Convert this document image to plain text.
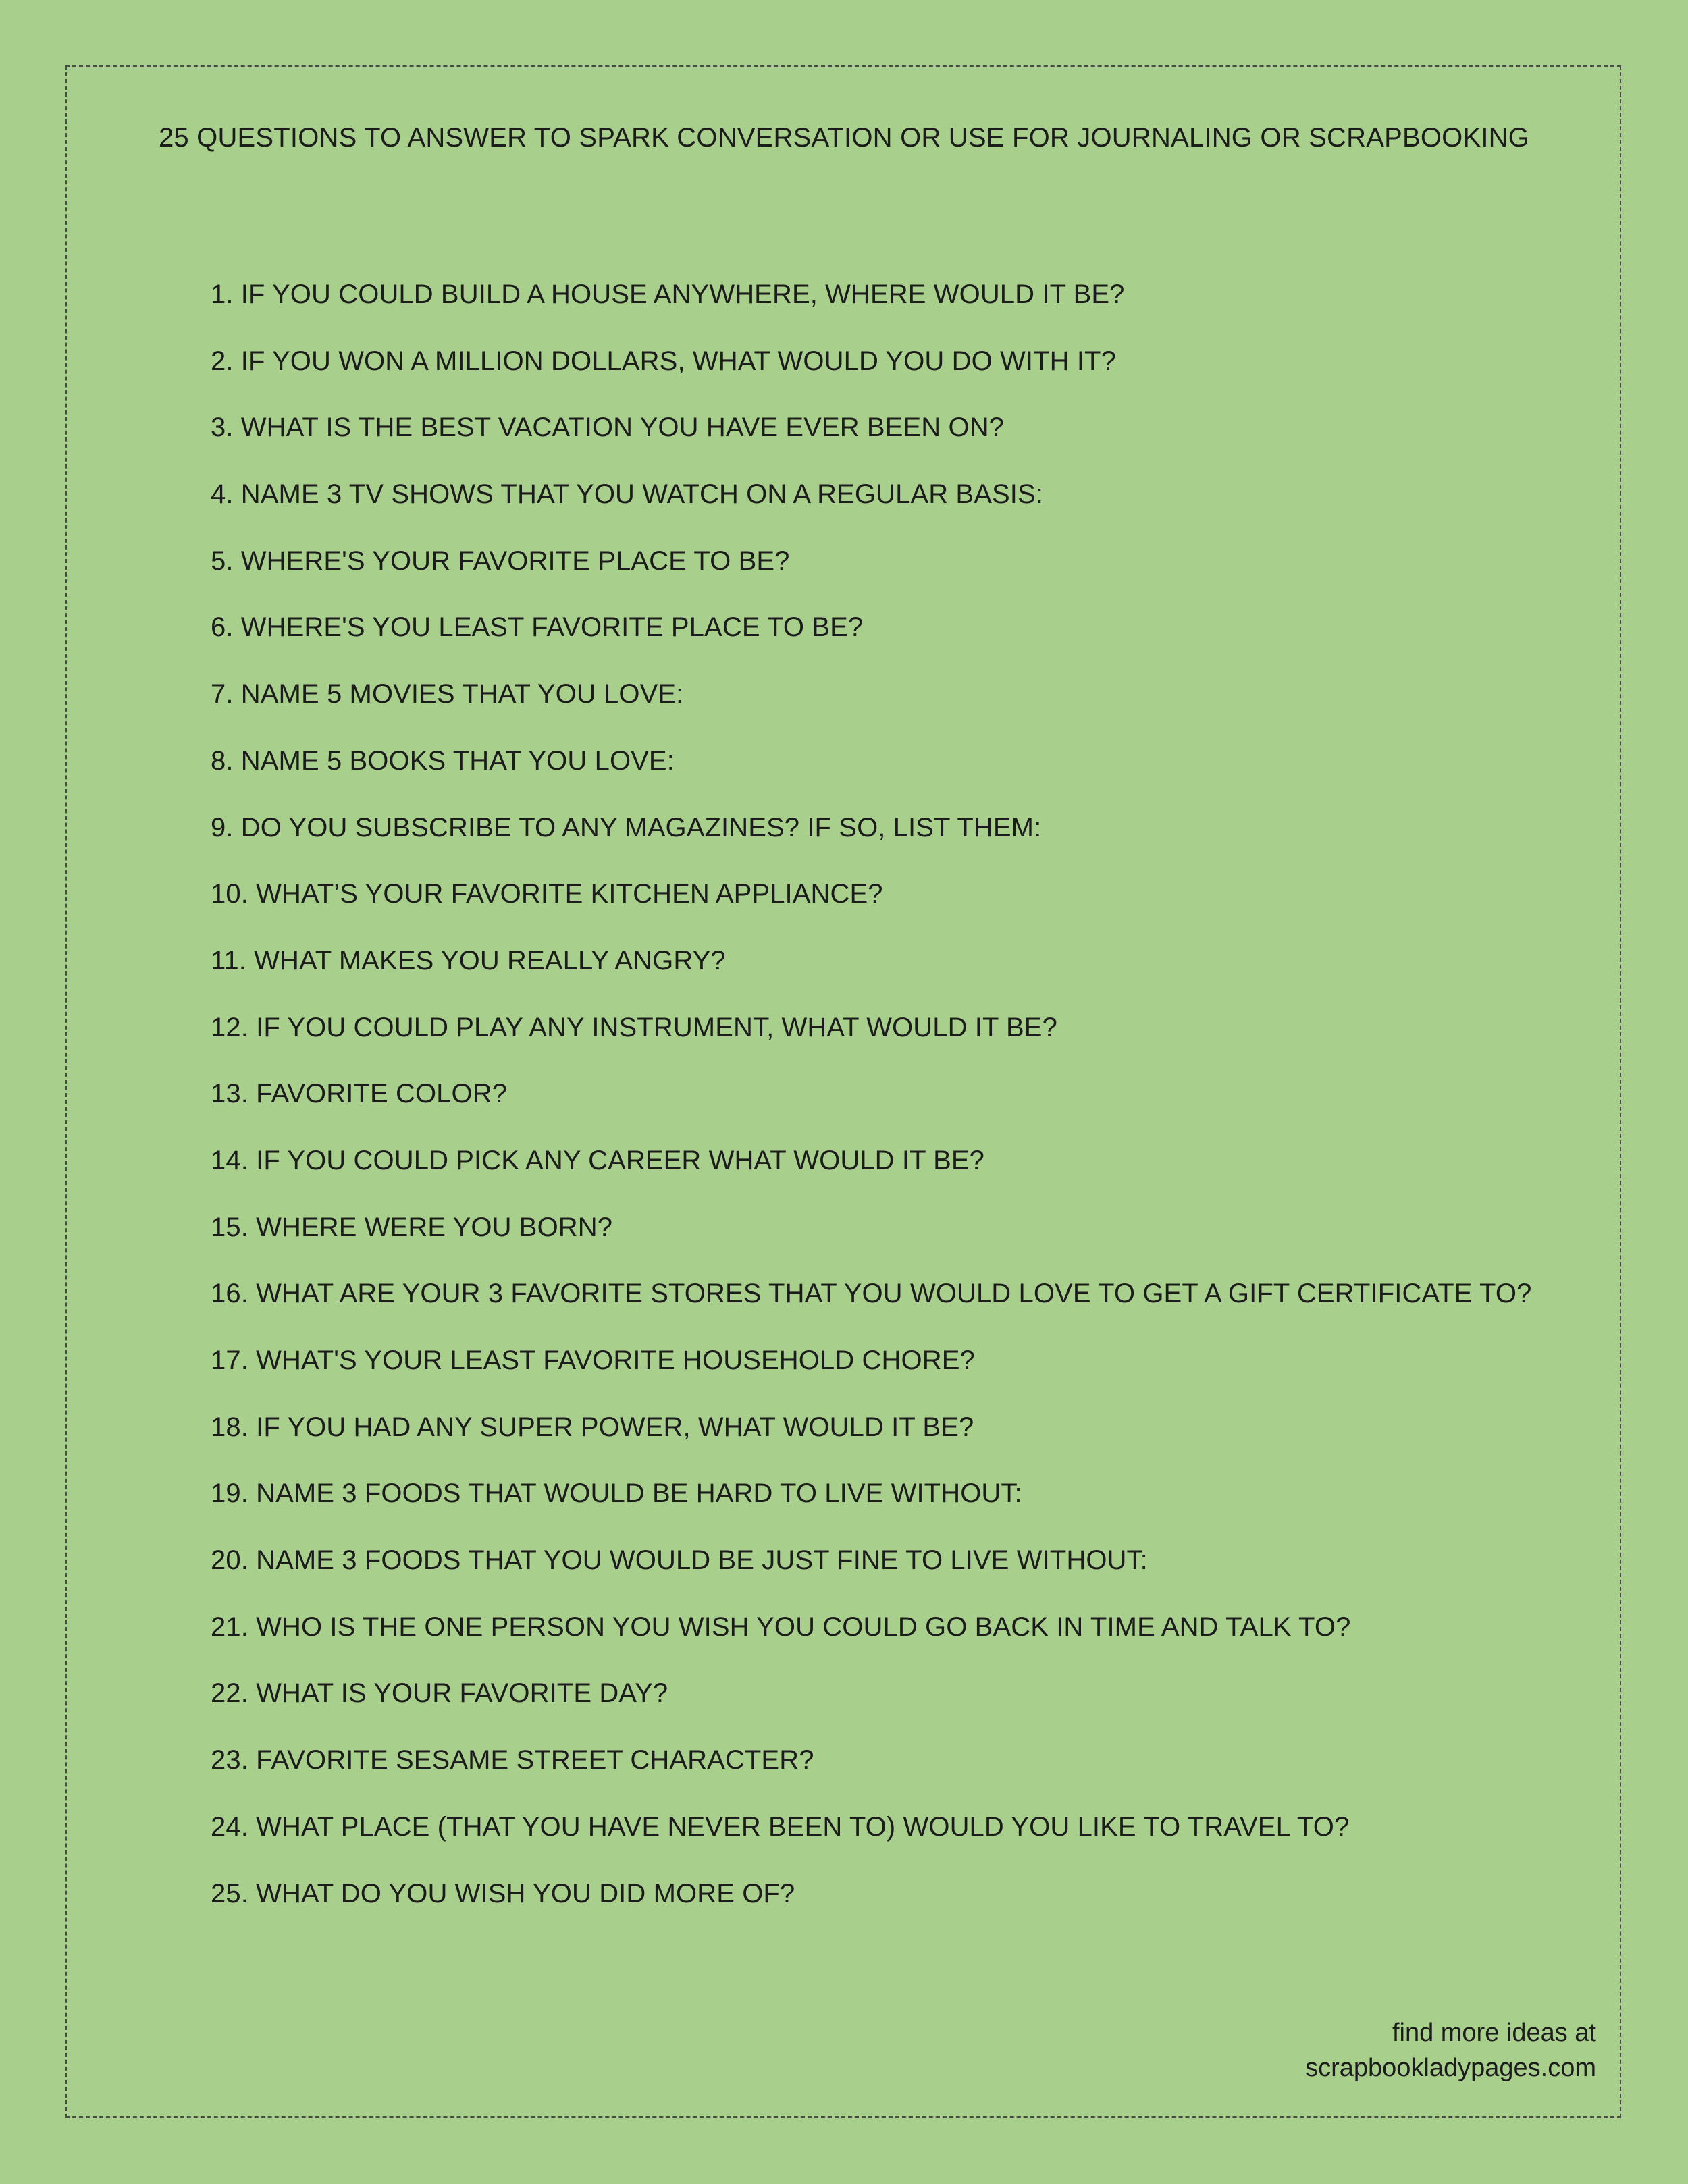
25 QUESTIONS TO ANSWER TO SPARK CONVERSATION OR USE FOR JOURNALING OR SCRAPBOOKING
1. IF YOU COULD BUILD A HOUSE ANYWHERE, WHERE WOULD IT BE?
2. IF YOU WON A MILLION DOLLARS, WHAT WOULD YOU DO WITH IT?
3. WHAT IS THE BEST VACATION YOU HAVE EVER BEEN ON?
4. NAME 3 TV SHOWS THAT YOU WATCH ON A REGULAR BASIS:
5. WHERE'S YOUR FAVORITE PLACE TO BE?
6. WHERE'S YOU LEAST FAVORITE PLACE TO BE?
7. NAME 5 MOVIES THAT YOU LOVE:
8. NAME 5 BOOKS THAT YOU LOVE:
9. DO YOU SUBSCRIBE TO ANY MAGAZINES? IF SO, LIST THEM:
10. WHAT’S YOUR FAVORITE KITCHEN APPLIANCE?
11. WHAT MAKES YOU REALLY ANGRY?
12. IF YOU COULD PLAY ANY INSTRUMENT, WHAT WOULD IT BE?
13. FAVORITE COLOR?
14. IF YOU COULD PICK ANY CAREER WHAT WOULD IT BE?
15. WHERE WERE YOU BORN?
16. WHAT ARE YOUR 3 FAVORITE STORES THAT YOU WOULD LOVE TO GET A GIFT CERTIFICATE TO?
17. WHAT'S YOUR LEAST FAVORITE HOUSEHOLD CHORE?
18. IF YOU HAD ANY SUPER POWER, WHAT WOULD IT BE?
19. NAME 3 FOODS THAT WOULD BE HARD TO LIVE WITHOUT:
20. NAME 3 FOODS THAT YOU WOULD BE JUST FINE TO LIVE WITHOUT:
21. WHO IS THE ONE PERSON YOU WISH YOU COULD GO BACK IN TIME AND TALK TO?
22. WHAT IS YOUR FAVORITE DAY?
23. FAVORITE SESAME STREET CHARACTER?
24. WHAT PLACE (THAT YOU HAVE NEVER BEEN TO) WOULD YOU LIKE TO TRAVEL TO?
25. WHAT DO YOU WISH YOU DID MORE OF?
find more ideas at
scrapbookladypages.com
